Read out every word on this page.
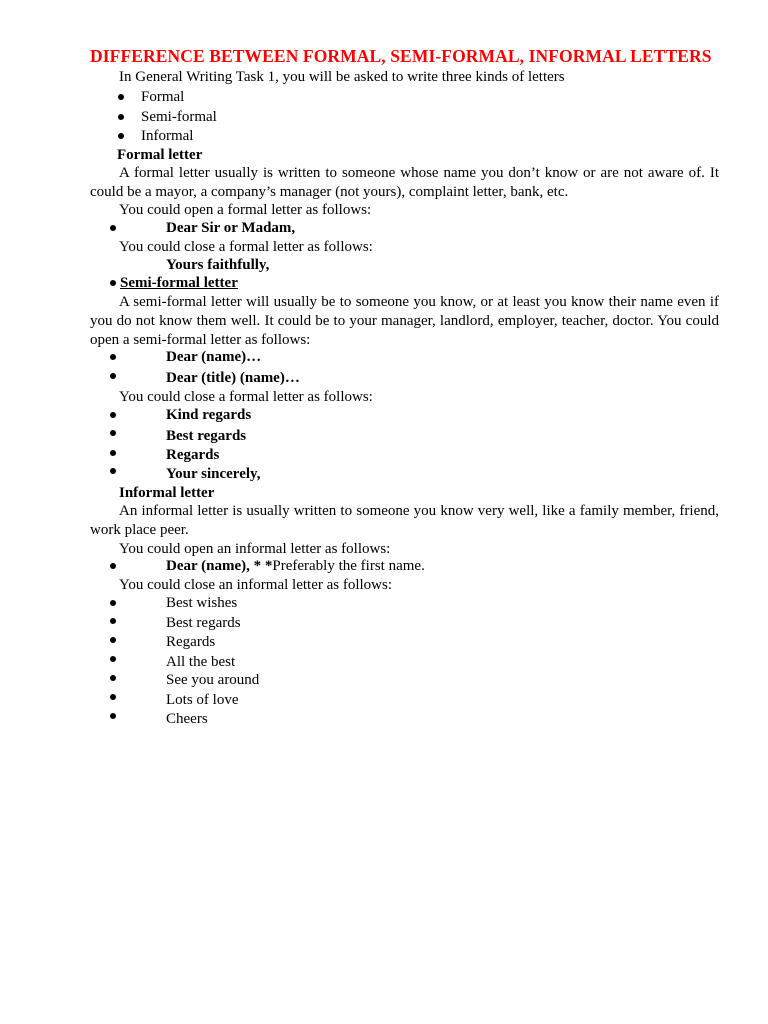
DIFFERENCE BETWEEN FORMAL, SEMI-FORMAL, INFORMAL LETTERS
In General Writing Task 1, you will be asked to write three kinds of letters
Formal
Semi-formal
Informal
Formal letter
A formal letter usually is written to someone whose name you don’t know or are not aware of. It could be a mayor, a company’s manager (not yours), complaint letter, bank, etc.
You could open a formal letter as follows:
Dear Sir or Madam,
You could close a formal letter as follows:
Yours faithfully,
Semi-formal letter
A semi-formal letter will usually be to someone you know, or at least you know their name even if you do not know them well. It could be to your manager, landlord, employer, teacher, doctor. You could open a semi-formal letter as follows:
Dear (name)…
Dear (title) (name)…
You could close a formal letter as follows:
Kind regards
Best regards
Regards
Your sincerely,
Informal letter
An informal letter is usually written to someone you know very well, like a family member, friend, work place peer.
You could open an informal letter as follows:
Dear (name), * *Preferably the first name.
You could close an informal letter as follows:
Best wishes
Best regards
Regards
All the best
See you around
Lots of love
Cheers
